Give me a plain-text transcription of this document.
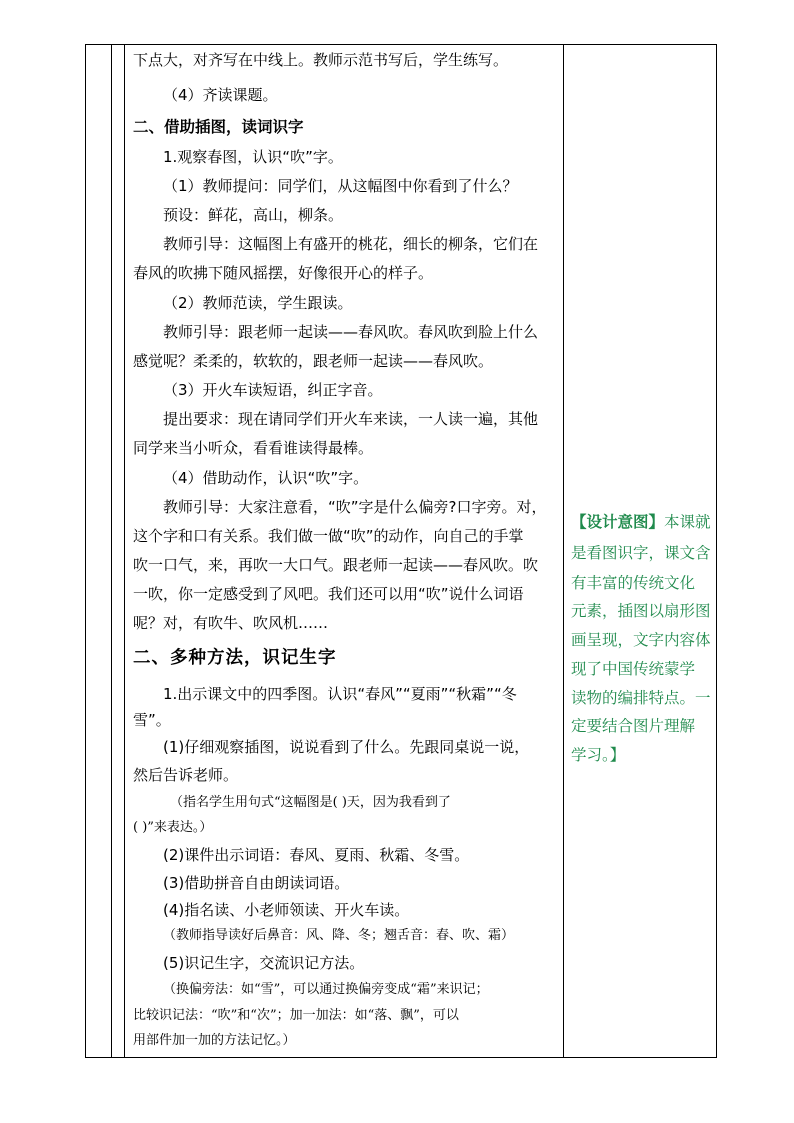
下点大，对齐写在中线上。教师示范书写后，学生练写。
（4）齐读课题。
二、借助插图，读词识字
1.观察春图，认识“吹”字。
（1）教师提问：同学们，从这幅图中你看到了什么？
预设：鲜花，高山，柳条。
教师引导：这幅图上有盛开的桃花，细长的柳条，它们在
春风的吹拂下随风摇摆，好像很开心的样子。
（2）教师范读，学生跟读。
教师引导：跟老师一起读——春风吹。春风吹到脸上什么
感觉呢？柔柔的，软软的，跟老师一起读——春风吹。
（3）开火车读短语，纠正字音。
提出要求：现在请同学们开火车来读，一人读一遍，其他
同学来当小听众，看看谁读得最棒。
（4）借助动作，认识“吹”字。
教师引导：大家注意看，“吹”字是什么偏旁?口字旁。对，
这个字和口有关系。我们做一做“吹”的动作，向自己的手掌
吹一口气，来，再吹一大口气。跟老师一起读——春风吹。吹
一吹，你一定感受到了风吧。我们还可以用“吹”说什么词语
呢？对，有吹牛、吹风机……
二、多种方法，识记生字
1.出示课文中的四季图。认识“春风”“夏雨”“秋霜”“冬
雪”。
(1)仔细观察插图，说说看到了什么。先跟同桌说一说，
然后告诉老师。
（指名学生用句式“这幅图是( )天，因为我看到了
( )”来表达。）
(2)课件出示词语：春风、夏雨、秋霜、冬雪。
(3)借助拼音自由朗读词语。
(4)指名读、小老师领读、开火车读。
（教师指导读好后鼻音：风、降、冬；翘舌音：春、吹、霜）
(5)识记生字，交流识记方法。
（换偏旁法：如“雪”，可以通过换偏旁变成“霜”来识记；
比较识记法：“吹”和“次”；加一加法：如“落、飘”，可以
用部件加一加的方法记忆。）
【设计意图】本课就
是看图识字，课文含
有丰富的传统文化
元素，插图以扇形图
画呈现，文字内容体
现了中国传统蒙学
读物的编排特点。一
定要结合图片理解
学习。】
